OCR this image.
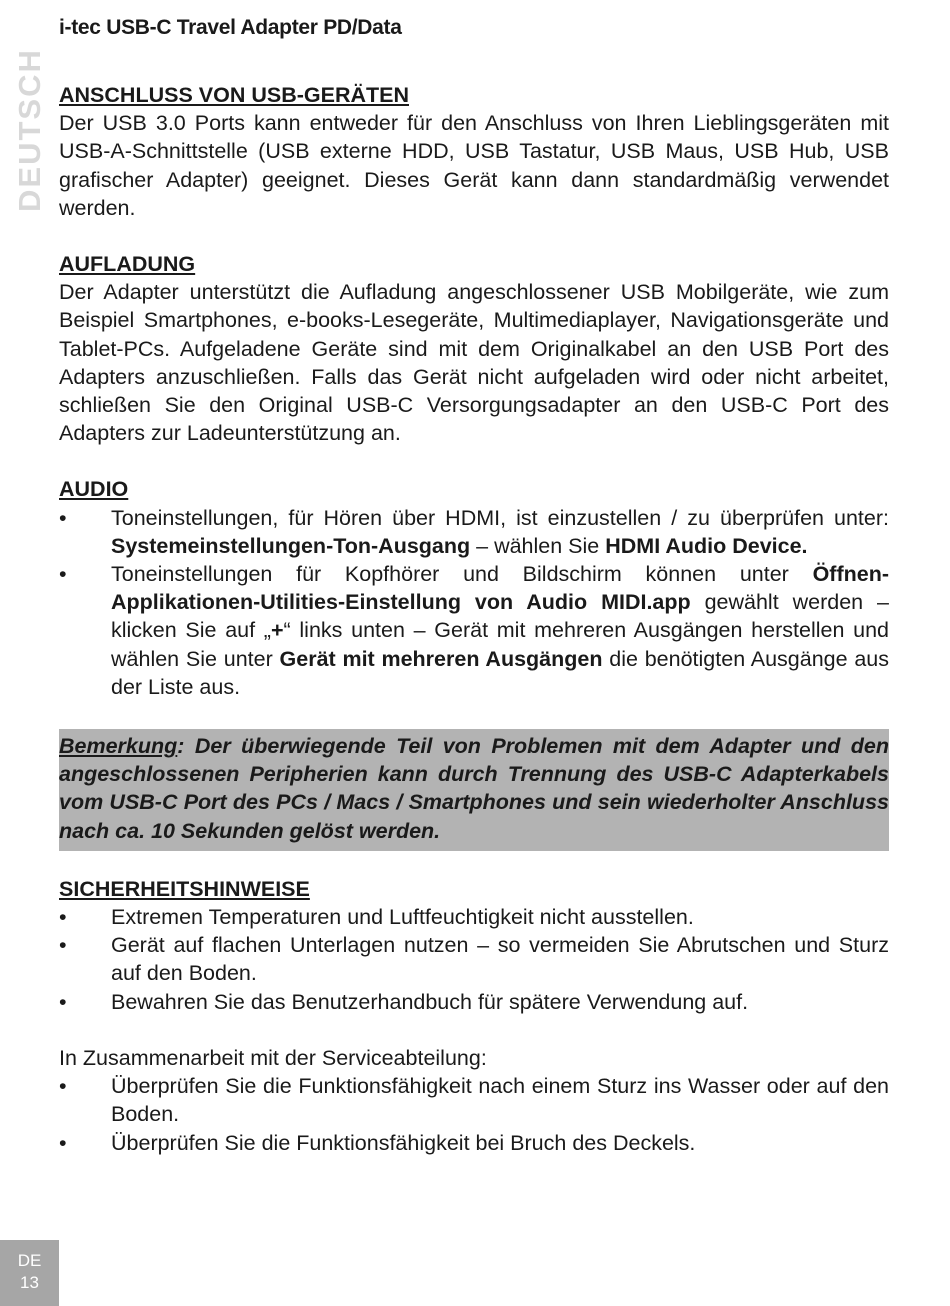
i-tec USB-C Travel Adapter PD/Data
DEUTSCH ANSCHLUSS VON USB-GERÄTEN
Der USB 3.0 Ports kann entweder für den Anschluss von Ihren Lieblingsgeräten mit USB-A-Schnittstelle (USB externe HDD, USB Tastatur, USB Maus, USB Hub, USB grafischer Adapter) geeignet. Dieses Gerät kann dann standardmäßig verwendet werden.
AUFLADUNG
Der Adapter unterstützt die Aufladung angeschlossener USB Mobilgeräte, wie zum Beispiel Smartphones, e-books-Lesegeräte, Multimediaplayer, Navigationsgeräte und Tablet-PCs. Aufgeladene Geräte sind mit dem Originalkabel an den USB Port des Adapters anzuschließen. Falls das Gerät nicht aufgeladen wird oder nicht arbeitet, schließen Sie den Original USB-C Versorgungsadapter an den USB-C Port des Adapters zur Ladeunterstützung an.
AUDIO
• Toneinstellungen, für Hören über HDMI, ist einzustellen / zu überprüfen unter: Systemeinstellungen-Ton-Ausgang – wählen Sie HDMI Audio Device.
• Toneinstellungen für Kopfhörer und Bildschirm können unter Öffnen-Applikationen-Utilities-Einstellung von Audio MIDI.app gewählt werden – klicken Sie auf „+“ links unten – Gerät mit mehreren Ausgängen herstellen und wählen Sie unter Gerät mit mehreren Ausgängen die benötigten Ausgänge aus der Liste aus.
Bemerkung: Der überwiegende Teil von Problemen mit dem Adapter und den angeschlossenen Peripherien kann durch Trennung des USB-C Adapterkabels vom USB-C Port des PCs / Macs / Smartphones und sein wiederholter Anschluss nach ca. 10 Sekunden gelöst werden.
SICHERHEITSHINWEISE
• Extremen Temperaturen und Luftfeuchtigkeit nicht ausstellen.
• Gerät auf flachen Unterlagen nutzen – so vermeiden Sie Abrutschen und Sturz auf den Boden.
• Bewahren Sie das Benutzerhandbuch für spätere Verwendung auf.
In Zusammenarbeit mit der Serviceabteilung:
• Überprüfen Sie die Funktionsfähigkeit nach einem Sturz ins Wasser oder auf den Boden.
• Überprüfen Sie die Funktionsfähigkeit bei Bruch des Deckels.
DE
13
